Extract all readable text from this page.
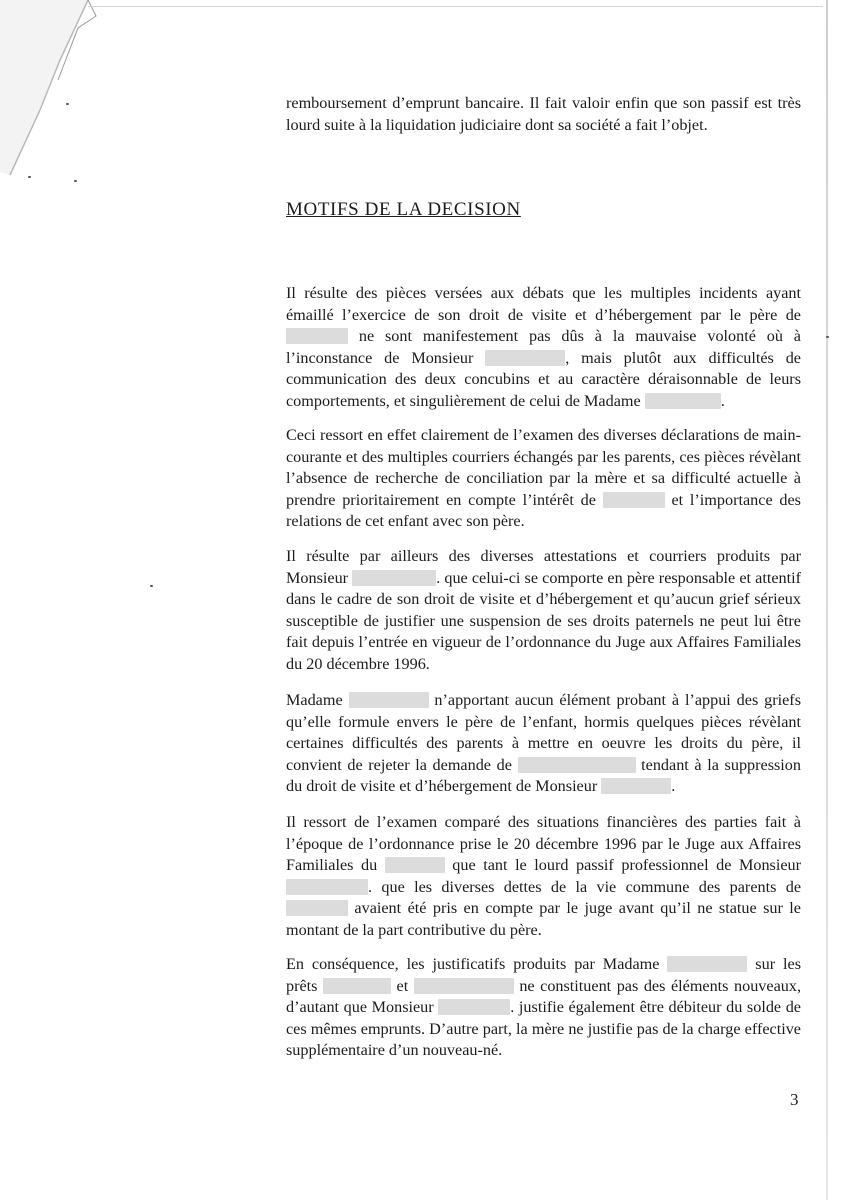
remboursement d’emprunt bancaire. Il fait valoir enfin que son passif est très lourd suite à la liquidation judiciaire dont sa société a fait l’objet.

MOTIFS DE LA DECISION

Il résulte des pièces versées aux débats que les multiples incidents ayant émaillé l’exercice de son droit de visite et d’hébergement par le père de  ne sont manifestement pas dûs à la mauvaise volonté où à l’inconstance de Monsieur	, mais plutôt aux difficultés de communication des deux concubins et au caractère déraisonnable de leurs comportements, et singulièrement de celui de Madame	.

Ceci ressort en effet clairement de l’examen des diverses déclarations de main-courante et des multiples courriers échangés par les parents, ces pièces révèlant l’absence de recherche de conciliation par la mère et sa difficulté actuelle à prendre prioritairement en compte l’intérêt de	et l’importance des relations de cet enfant avec son père.

Il résulte par ailleurs des diverses attestations et courriers produits par Monsieur	. que celui-ci se comporte en père responsable et attentif dans le cadre de son droit de visite et d’hébergement et qu’aucun grief sérieux susceptible de justifier une suspension de ses droits paternels ne peut lui être fait depuis l’entrée en vigueur de l’ordonnance du Juge aux Affaires Familiales du 20 décembre 1996.

Madame	n’apportant aucun élément probant à l’appui des griefs qu’elle formule envers le père de l’enfant, hormis quelques pièces révèlant certaines difficultés des parents à mettre en oeuvre les droits du père, il convient de rejeter la demande de	tendant à la suppression du droit de visite et d’hébergement de Monsieur	.

Il ressort de l’examen comparé des situations financières des parties fait à l’époque de l’ordonnance prise le 20 décembre 1996 par le Juge aux Affaires Familiales du	que tant le lourd passif professionnel de Monsieur . que les diverses dettes de la vie commune des parents de  avaient été pris en compte par le juge avant qu’il ne statue sur le montant de la part contributive du père.

En conséquence, les justificatifs produits par Madame	sur les prêts	et	ne constituent pas des éléments nouveaux, d’autant que Monsieur	. justifie également être débiteur du solde de ces mêmes emprunts. D’autre part, la mère ne justifie pas de la charge effective supplémentaire d’un nouveau-né.

3
